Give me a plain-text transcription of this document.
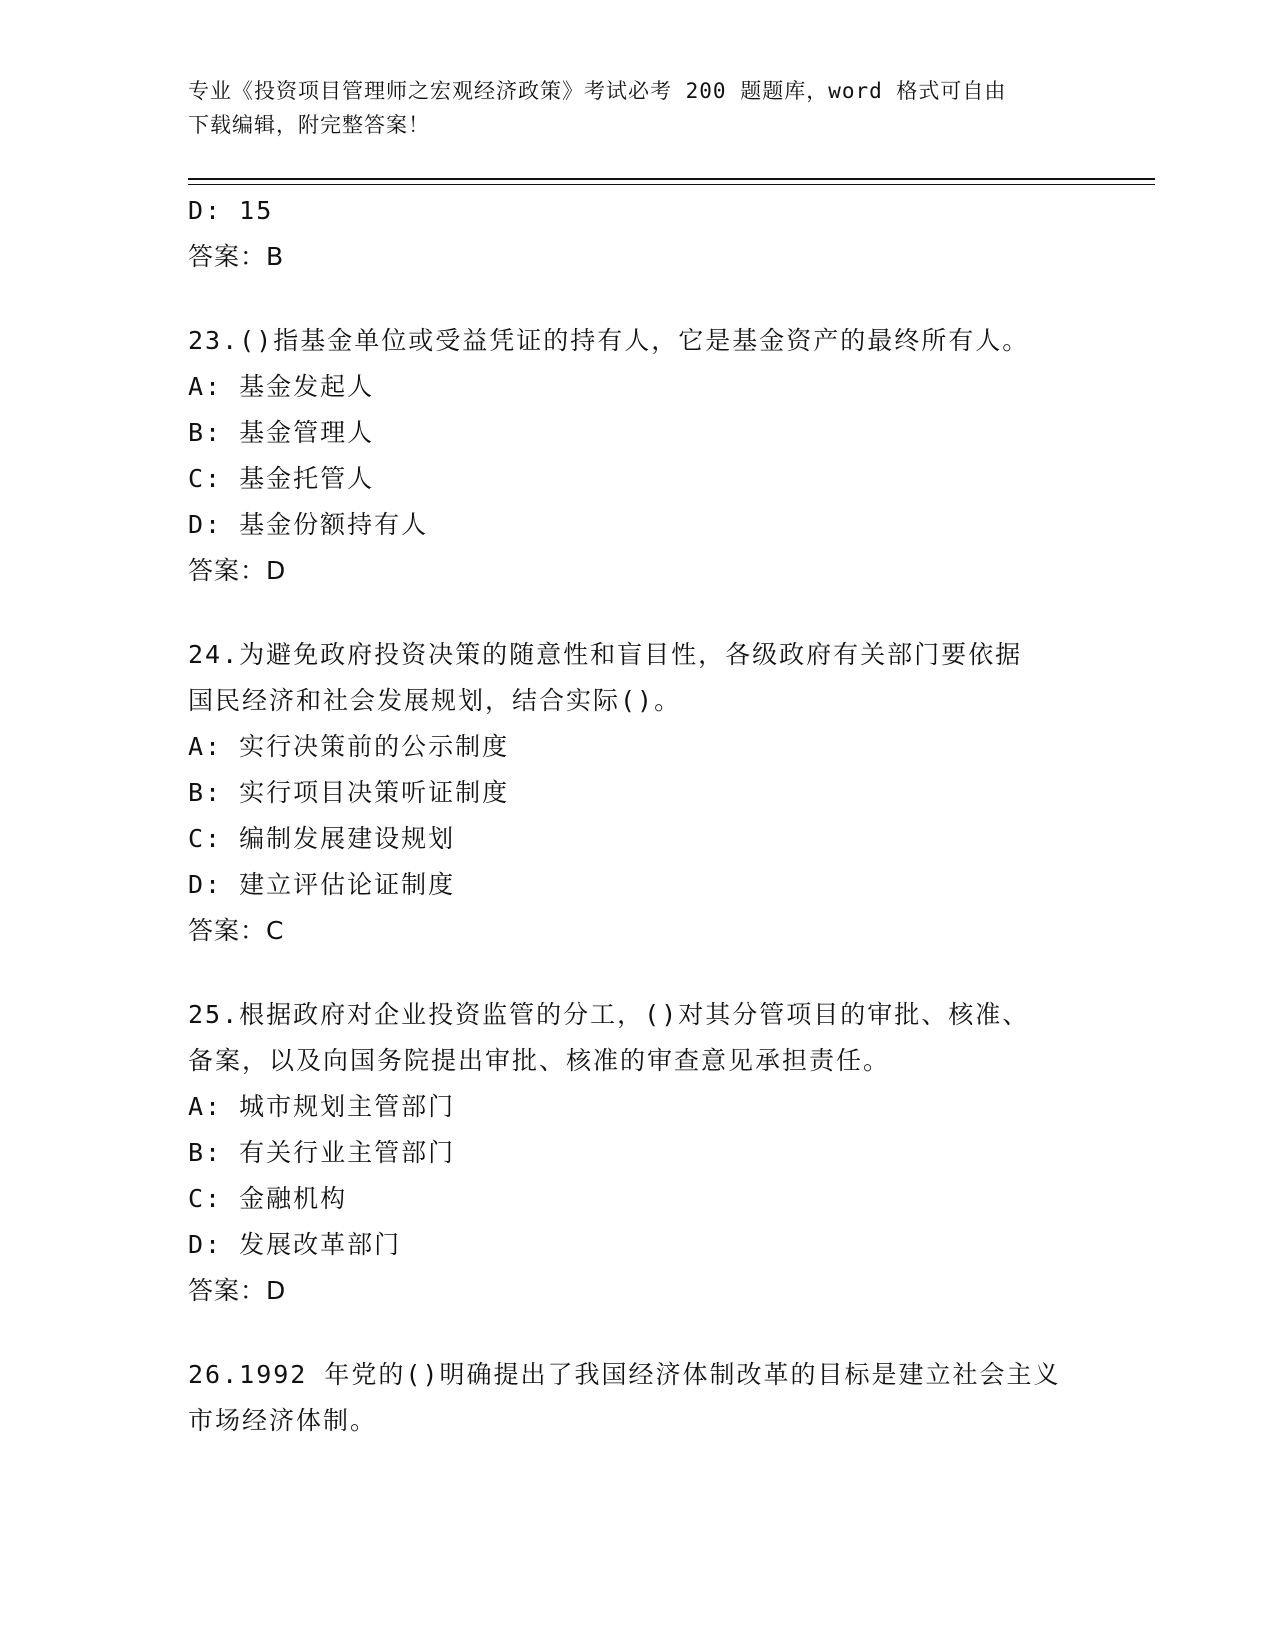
专业《投资项目管理师之宏观经济政策》考试必考 200 题题库，word 格式可自由
下载编辑，附完整答案！
D: 15
答案：B
23.()指基金单位或受益凭证的持有人，它是基金资产的最终所有人。
A: 基金发起人
B: 基金管理人
C: 基金托管人
D: 基金份额持有人
答案：D
24.为避免政府投资决策的随意性和盲目性，各级政府有关部门要依据
国民经济和社会发展规划，结合实际()。
A: 实行决策前的公示制度
B: 实行项目决策听证制度
C: 编制发展建设规划
D: 建立评估论证制度
答案：C
25.根据政府对企业投资监管的分工，()对其分管项目的审批、核准、
备案，以及向国务院提出审批、核准的审查意见承担责任。
A: 城市规划主管部门
B: 有关行业主管部门
C: 金融机构
D: 发展改革部门
答案：D
26.1992 年党的()明确提出了我国经济体制改革的目标是建立社会主义
市场经济体制。
